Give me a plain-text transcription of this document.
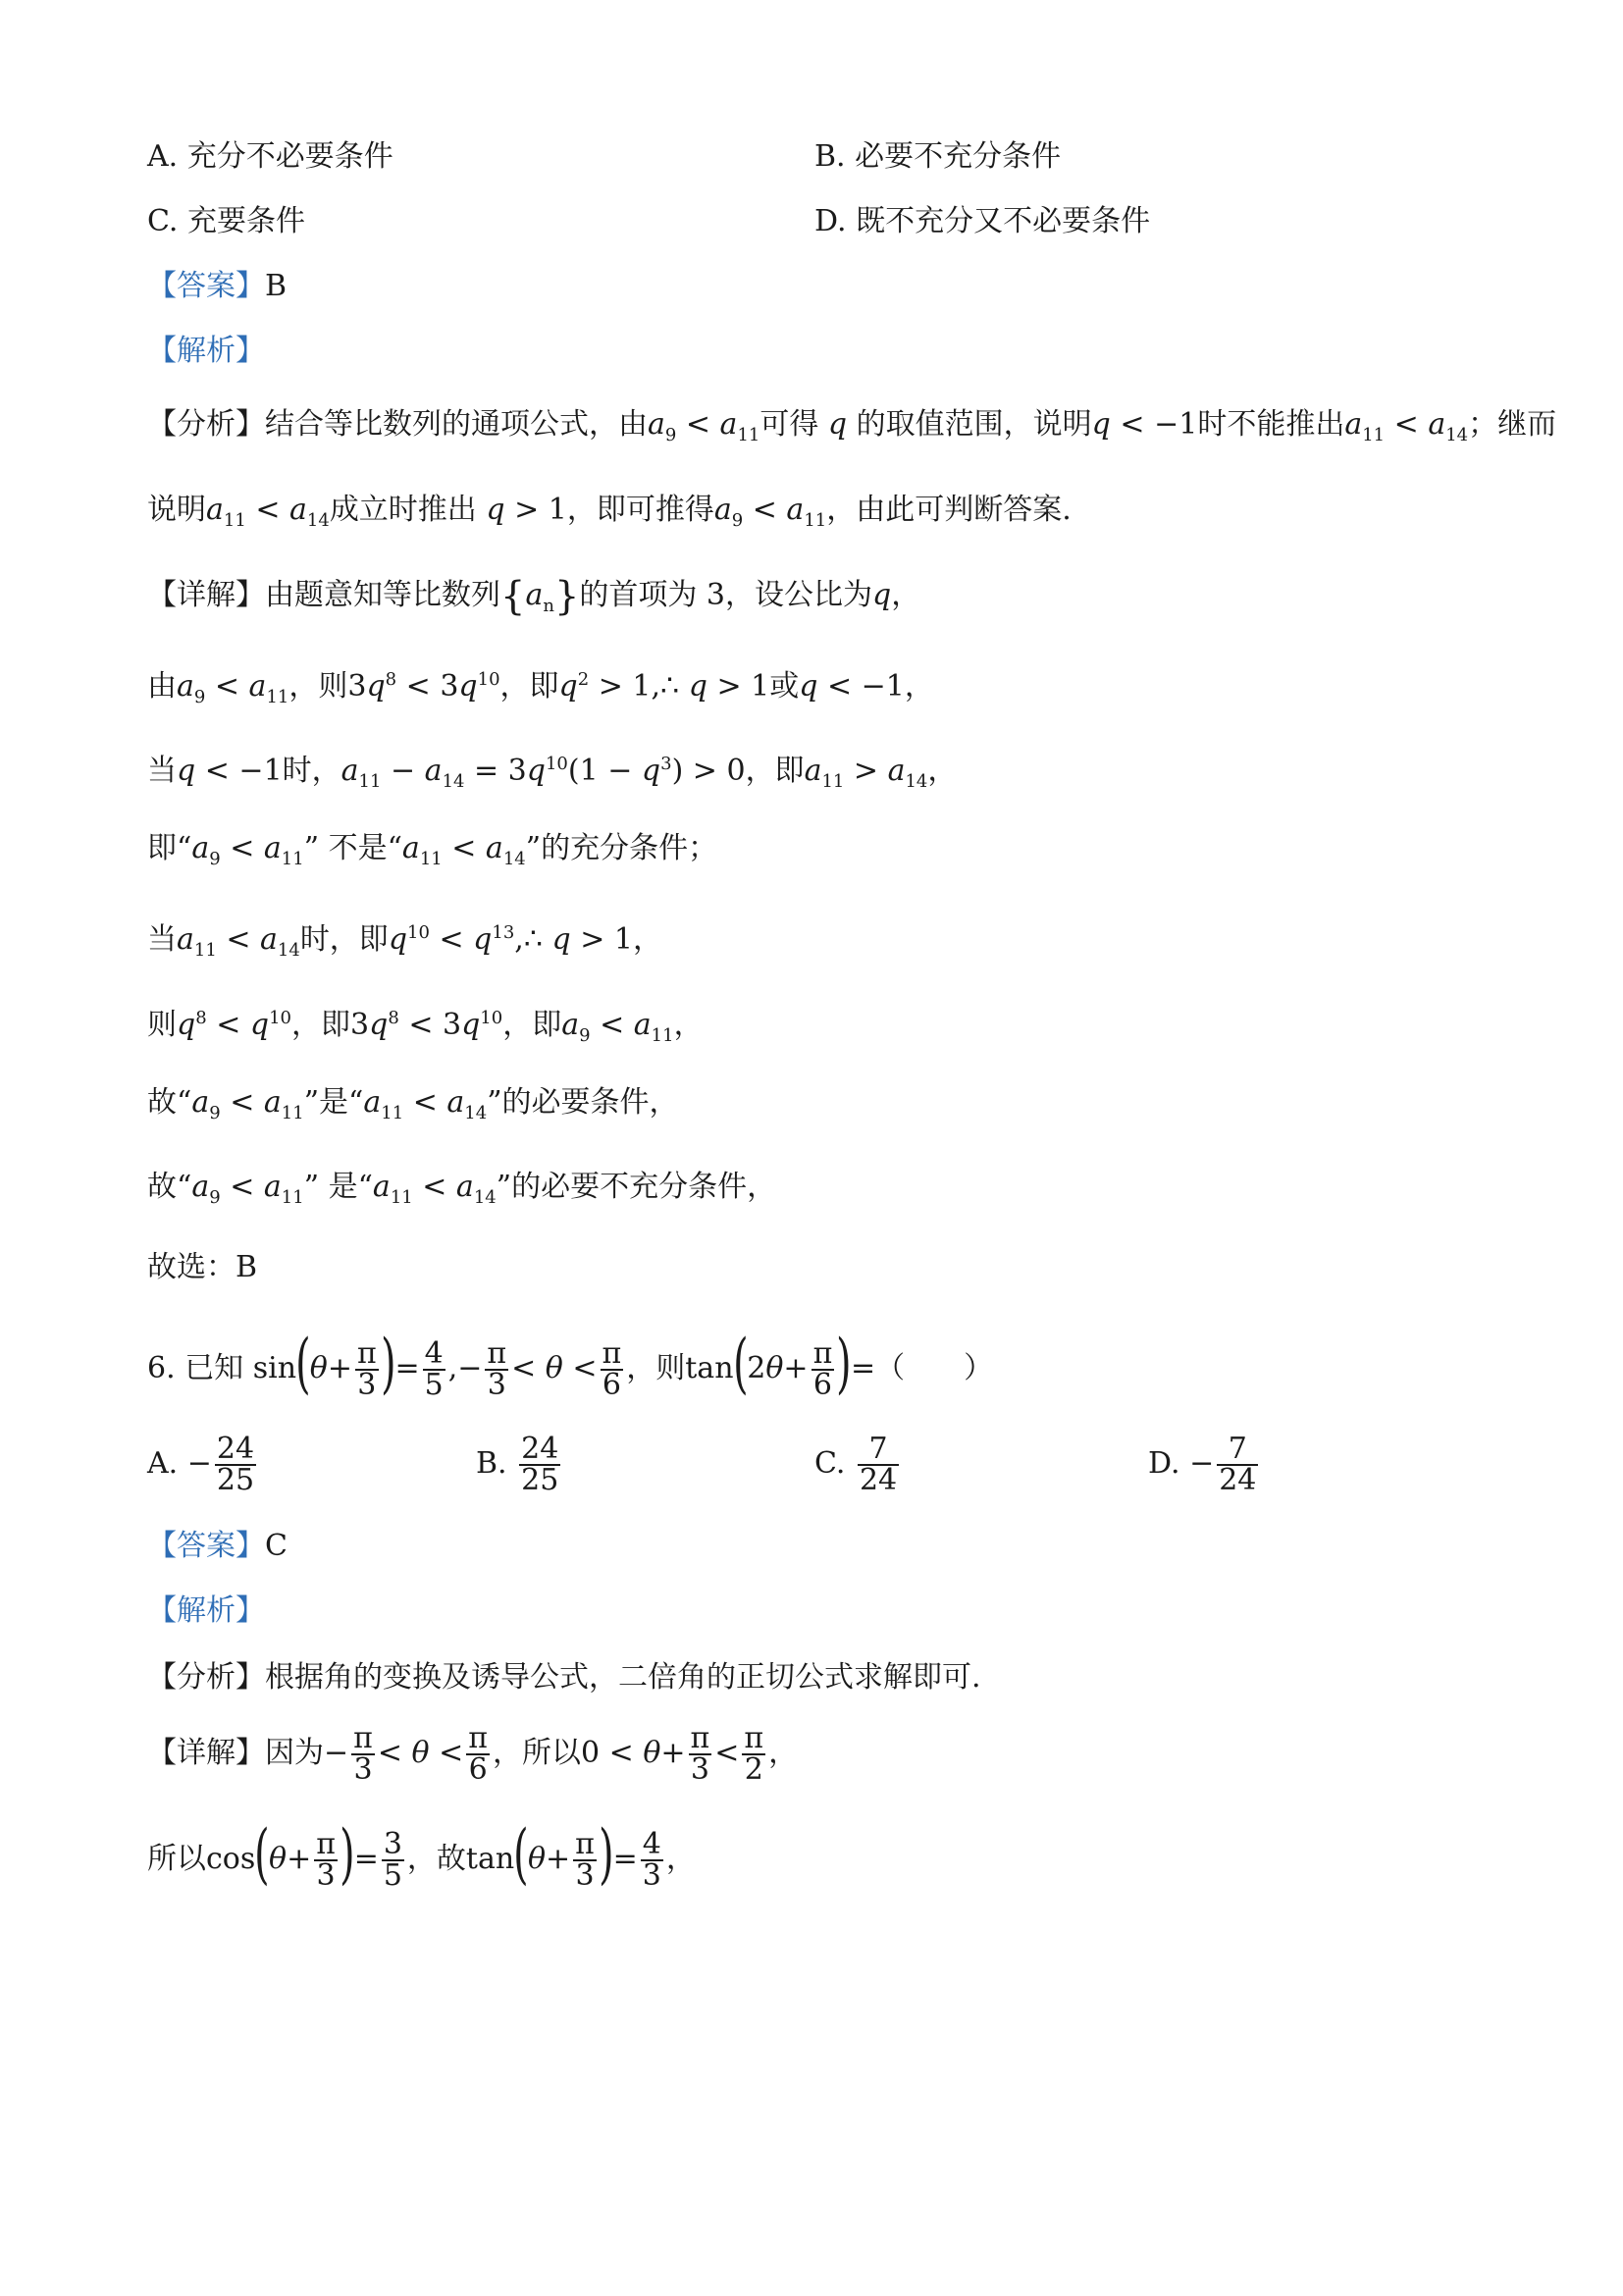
A. 充分不必要条件	B. 必要不充分条件
C. 充要条件	D. 既不充分又不必要条件
【答案】B
【解析】
【分析】结合等比数列的通项公式，由$a_9 < a_{11}$可得 q 的取值范围，说明q < −1时不能推出$a_{11} < a_{14}$；继而
说明$a_{11} < a_{14}$成立时推出 q > 1，即可推得$a_9 < a_{11}$，由此可判断答案.
【详解】由题意知等比数列$\{a_n\}$的首项为 3，设公比为q，
由$a_9 < a_{11}$，则$3q^8 < 3q^{10}$，即$q^2$ > 1,∴ q > 1或q < −1，
当q < −1时，$a_{11} - a_{14} = 3q^{10}(1 - q^3) > 0$，即$a_{11} > a_{14}$，
即“$a_9 < a_{11}$” 不是“$a_{11} < a_{14}$”的充分条件；
当$a_{11} < a_{14}$时，即$q^{10}$ < $q^{13},\therefore$ q > 1，
则$q^8 < q^{10}$，即$3q^8 < 3q^{10}$，即$a_9 < a_{11}$，
故“$a_9 < a_{11}$”是“$a_{11} < a_{14}$”的必要条件，
故“$a_9 < a_{11}$” 是“$a_{11} < a_{14}$”的必要不充分条件，
故选：B
6. 已知 $\sin(\theta+ \frac{\pi}{3}$ )= $\frac{4}{5}$ ,− $\frac{\pi}{3} < \theta < \frac{\pi}{6}$ ，则$\tan(2\theta+ \frac{\pi}{6}$ )=（　　）
A. − $\frac{24}{25}$	B. $\frac{24}{25}$	C. $\frac{7}{24}$	D. − $\frac{7}{24}$
【答案】C
【解析】
【分析】根据角的变换及诱导公式，二倍角的正切公式求解即可.
【详解】因为− $\frac{\pi}{3} < \theta < \frac{\pi}{6}$ ，所以$0 < \theta+ \frac{\pi}{3} < \frac{\pi}{2}$ ，
所以$\cos(\theta+ \frac{\pi}{3}$ )= $\frac{3}{5}$ ，故$\tan(\theta+ \frac{\pi}{3}$ )= $\frac{4}{3}$ ，
